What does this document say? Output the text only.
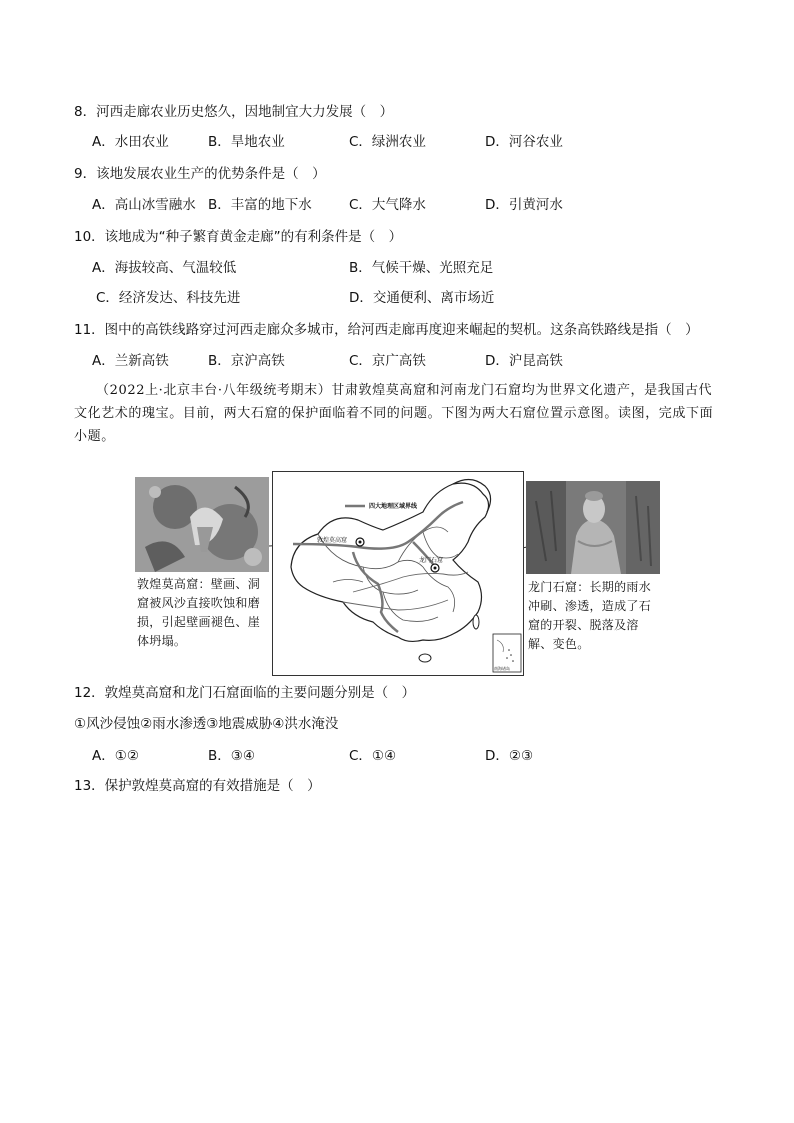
8．河西走廊农业历史悠久，因地制宜大力发展（　）
A．水田农业	B．旱地农业	C．绿洲农业	D．河谷农业
9．该地发展农业生产的优势条件是（　）
A．高山冰雪融水 B．丰富的地下水	C．大气降水	D．引黄河水
10．该地成为“种子繁育黄金走廊”的有利条件是（　）
A．海拔较高、气温较低	B．气候干燥、光照充足
C．经济发达、科技先进	D．交通便利、离市场近
11．图中的高铁线路穿过河西走廊众多城市，给河西走廊再度迎来崛起的契机。这条高铁路线是指（　）
A．兰新高铁	B．京沪高铁	C．京广高铁	D．沪昆高铁
（2022上·北京丰台·八年级统考期末）甘肃敦煌莫高窟和河南龙门石窟均为世界文化遗产，是我国古代文化艺术的瑰宝。目前，两大石窟的保护面临着不同的问题。下图为两大石窟位置示意图。读图，完成下面小题。
敦煌莫高窟：壁画、洞窟被风沙直接吹蚀和磨损，引起壁画褪色、崖体坍塌。
四大地理区域界线
敦煌莫高窟
龙门石窟
南海诸岛
龙门石窟：长期的雨水冲刷、渗透，造成了石窟的开裂、脱落及溶解、变色。
12．敦煌莫高窟和龙门石窟面临的主要问题分别是（　）
①风沙侵蚀②雨水渗透③地震威胁④洪水淹没
A．①②	B．③④	C．①④	D．②③
13．保护敦煌莫高窟的有效措施是（　）
